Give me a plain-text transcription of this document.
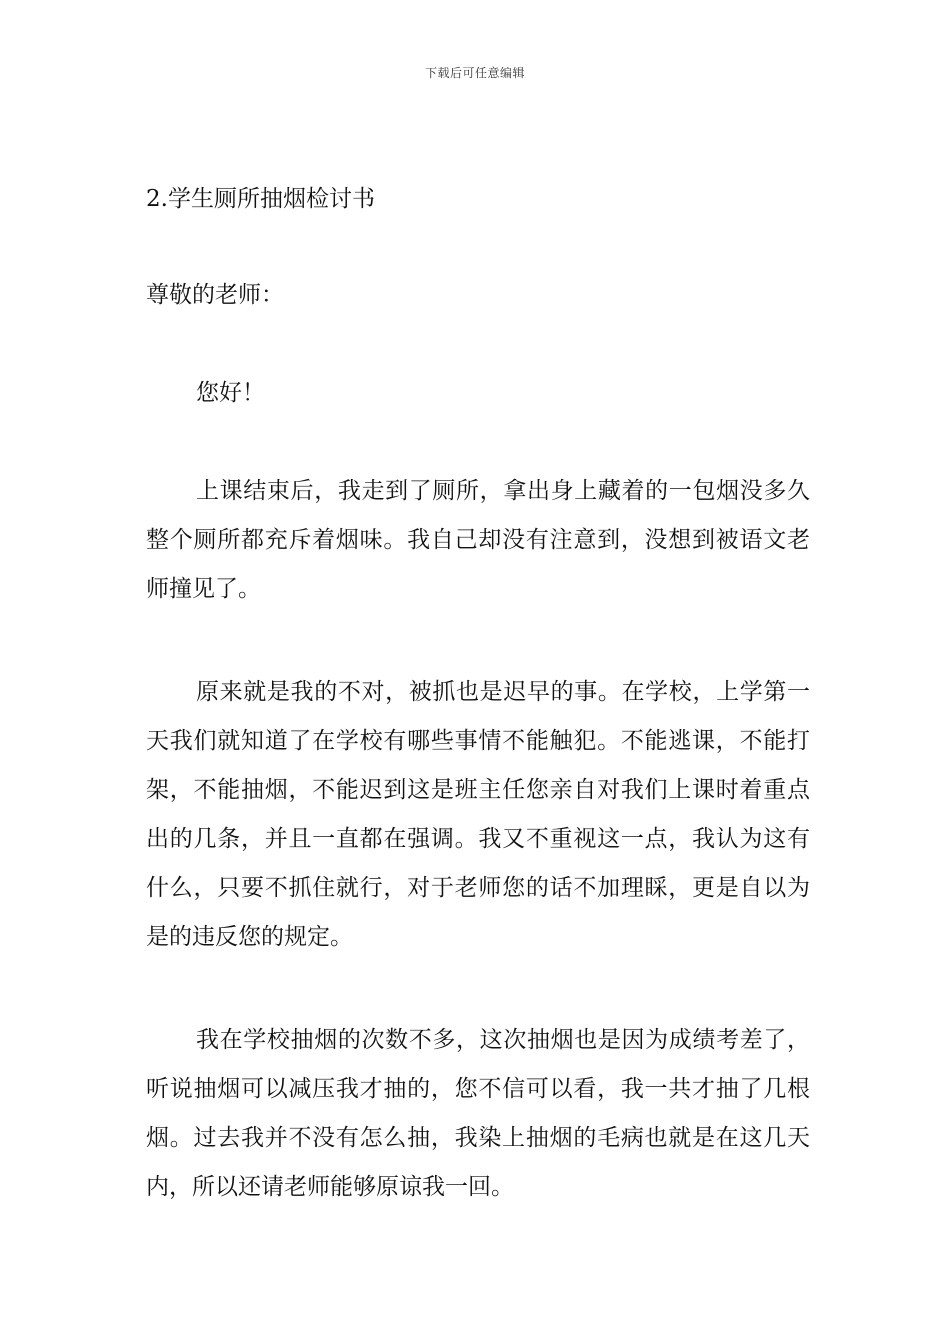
下载后可任意编辑
2.学生厕所抽烟检讨书
尊敬的老师：
您好！

上课结束后，我走到了厕所，拿出身上藏着的一包烟没多久整个厕所都充斥着烟味。我自己却没有注意到，没想到被语文老师撞见了。

原来就是我的不对，被抓也是迟早的事。在学校，上学第一天我们就知道了在学校有哪些事情不能触犯。不能逃课，不能打架，不能抽烟，不能迟到这是班主任您亲自对我们上课时着重点出的几条，并且一直都在强调。我又不重视这一点，我认为这有什么，只要不抓住就行，对于老师您的话不加理睬，更是自以为是的违反您的规定。

我在学校抽烟的次数不多，这次抽烟也是因为成绩考差了，听说抽烟可以减压我才抽的，您不信可以看，我一共才抽了几根烟。过去我并不没有怎么抽，我染上抽烟的毛病也就是在这几天内，所以还请老师能够原谅我一回。
